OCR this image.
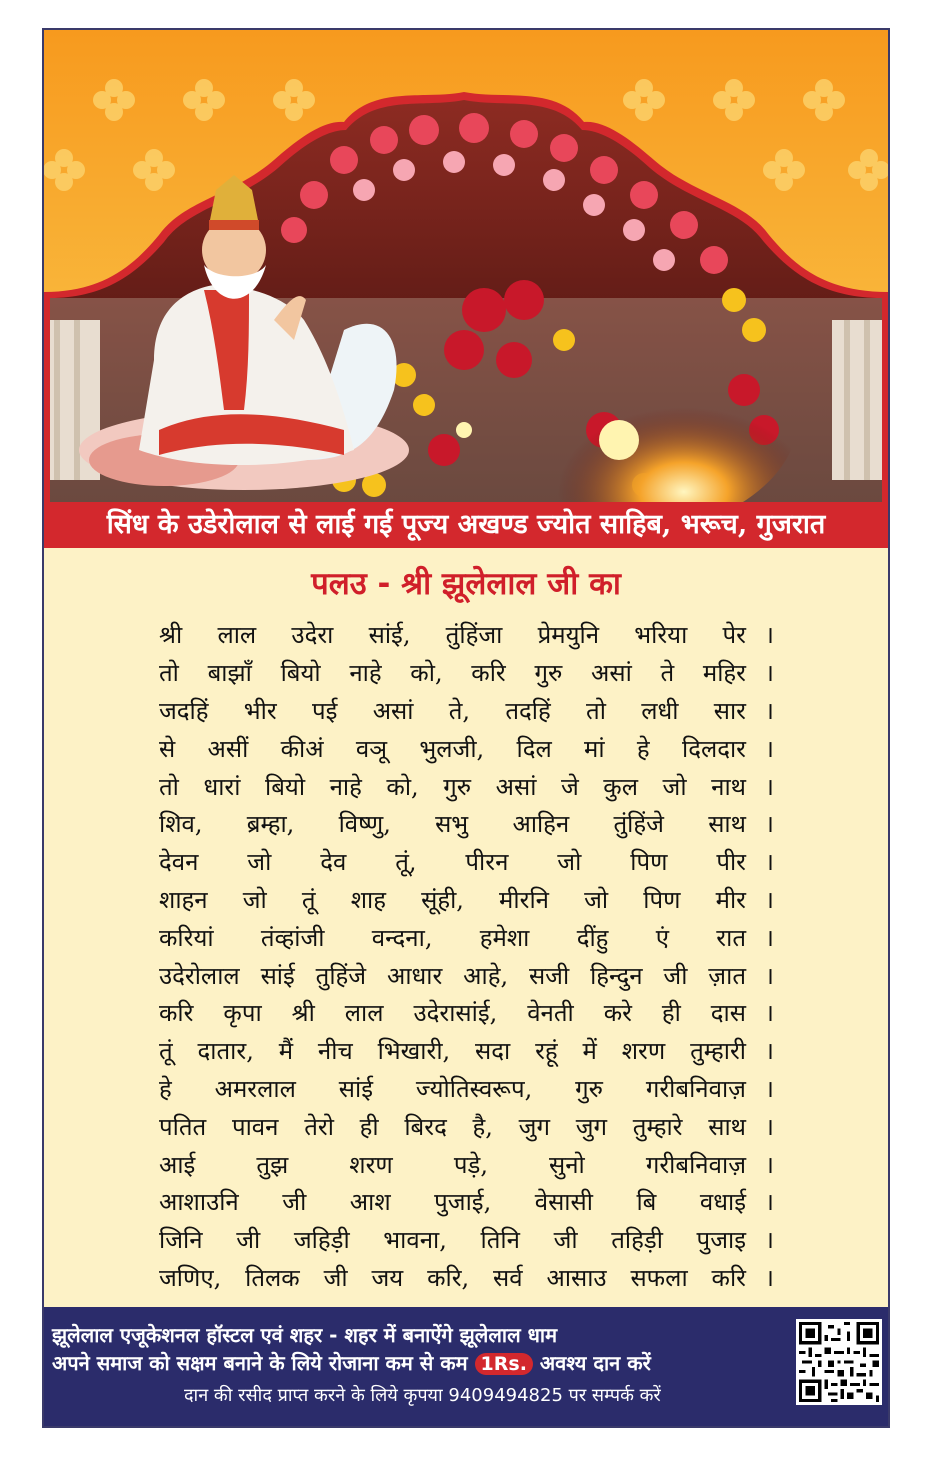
सिंध के उडेरोलाल से लाई गई पूज्य अखण्ड ज्योत साहिब, भरूच, गुजरात
पलउ - श्री झूलेलाल जी का
श्री लाल उदेरा सांई, तुंहिंजा प्रेमयुनि भरिया पेर ।
तो बाझाँ बियो नाहे को, करि गुरु असां ते महिर ।
जदहिं भीर पई असां ते, तदहिं तो लधी सार ।
से असीं कीअं वञू भुलजी, दिल मां हे दिलदार ।
तो धारां बियो नाहे को, गुरु असां जे कुल जो नाथ ।
शिव, ब्रम्हा, विष्णु, सभु आहिन तुंहिंजे साथ ।
देवन जो देव तूं, पीरन जो पिण पीर ।
शाहन जो तूं शाह सूंही, मीरनि जो पिण मीर ।
करियां तंव्हांजी वन्दना, हमेशा दींहु एं रात ।
उदेरोलाल सांई तुहिंजे आधार आहे, सजी हिन्दुन जी ज़ात ।
करि कृपा श्री लाल उदेरासांई, वेनती करे ही दास ।
तूं दातार, मैं नीच भिखारी, सदा रहूं में शरण तुम्हारी ।
हे अमरलाल सांई ज्योतिस्वरूप, गुरु गरीबनिवाज़ ।
पतित पावन तेरो ही बिरद है, जुग जुग तुम्हारे साथ ।
आई तुझ शरण पड़े, सुनो गरीबनिवाज़ ।
आशाउनि जी आश पुजाई, वेसासी बि वधाई ।
जिनि जी जहिड़ी भावना, तिनि जी तहिड़ी पुजाइ ।
जणिए, तिलक जी जय करि, सर्व आसाउ सफला करि ।
झूलेलाल एजूकेशनल हॉस्टल एवं शहर - शहर में बनाऐंगे झूलेलाल धाम
अपने समाज को सक्षम बनाने के लिये रोजाना कम से कम 1Rs. अवश्य दान करें
दान की रसीद प्राप्त करने के लिये कृपया 9409494825 पर सम्पर्क करें
